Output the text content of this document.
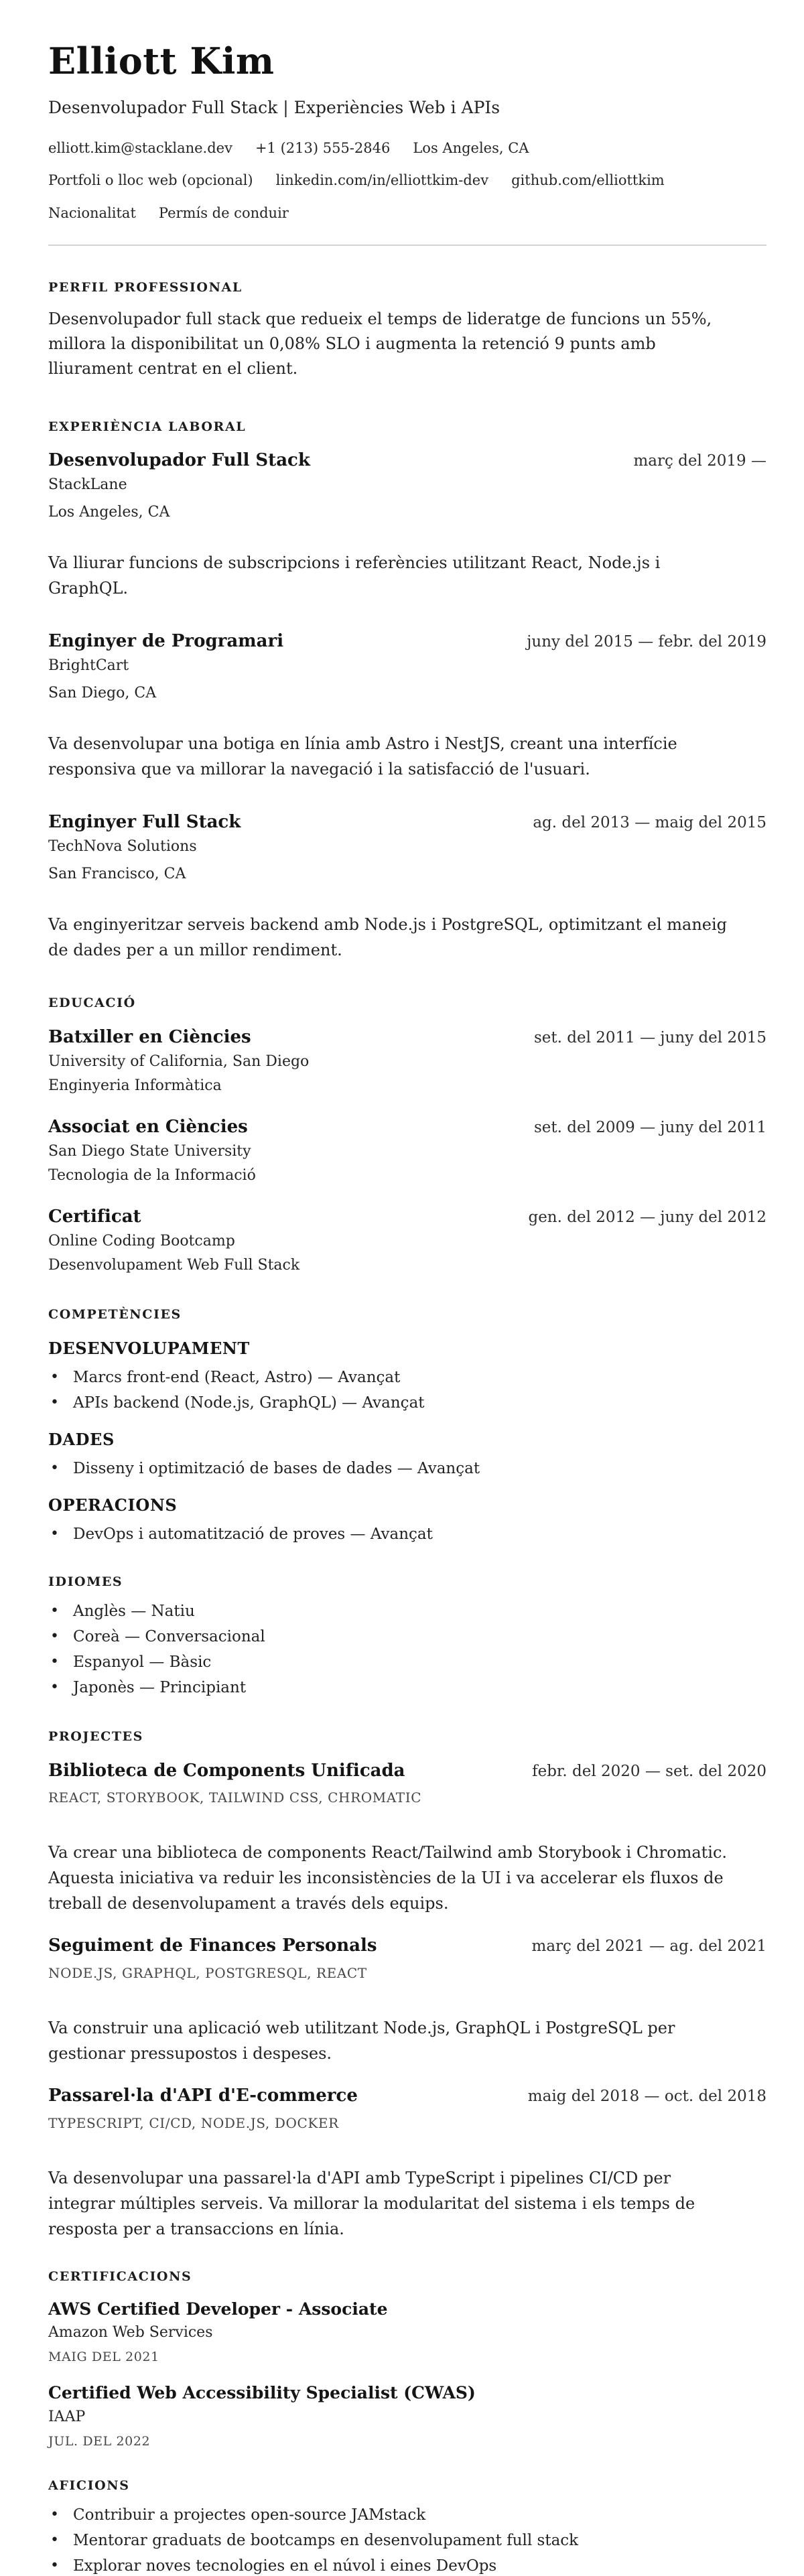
Elliott Kim
Desenvolupador Full Stack | Experiències Web i APIs
elliott.kim@stacklane.dev +1 (213) 555-2846 Los Angeles, CA
Portfoli o lloc web (opcional) linkedin.com/in/elliottkim-dev github.com/elliottkim
Nacionalitat Permís de conduir
PERFIL PROFESSIONAL

Desenvolupador full stack que redueix el temps de lideratge de funcions un 55%, millora la disponibilitat un 0,08% SLO i augmenta la retenció 9 punts amb lliurament centrat en el client.

EXPERIÈNCIA LABORAL
Desenvolupador Full Stack	març del 2019 —
StackLane
Los Angeles, CA

Va lliurar funcions de subscripcions i referències utilitzant React, Node.js i GraphQL.

Enginyer de Programari	juny del 2015 — febr. del 2019
BrightCart
San Diego, CA

Va desenvolupar una botiga en línia amb Astro i NestJS, creant una interfície responsiva que va millorar la navegació i la satisfacció de l'usuari.

Enginyer Full Stack	ag. del 2013 — maig del 2015
TechNova Solutions
San Francisco, CA

Va enginyeritzar serveis backend amb Node.js i PostgreSQL, optimitzant el maneig de dades per a un millor rendiment.

EDUCACIÓ
Batxiller en Ciències	set. del 2011 — juny del 2015
University of California, San Diego
Enginyeria Informàtica
Associat en Ciències	set. del 2009 — juny del 2011
San Diego State University
Tecnologia de la Informació
Certificat	gen. del 2012 — juny del 2012
Online Coding Bootcamp
Desenvolupament Web Full Stack
COMPETÈNCIES
DESENVOLUPAMENT
• Marcs front-end (React, Astro) — Avançat
• APIs backend (Node.js, GraphQL) — Avançat
DADES
• Disseny i optimització de bases de dades — Avançat
OPERACIONS
• DevOps i automatització de proves — Avançat
IDIOMES
• Anglès — Natiu
• Coreà — Conversacional
• Espanyol — Bàsic
• Japonès — Principiant
PROJECTES
Biblioteca de Components Unificada	febr. del 2020 — set. del 2020
REACT, STORYBOOK, TAILWIND CSS, CHROMATIC

Va crear una biblioteca de components React/Tailwind amb Storybook i Chromatic. Aquesta iniciativa va reduir les inconsistències de la UI i va accelerar els fluxos de treball de desenvolupament a través dels equips.

Seguiment de Finances Personals	març del 2021 — ag. del 2021
NODE.JS, GRAPHQL, POSTGRESQL, REACT

Va construir una aplicació web utilitzant Node.js, GraphQL i PostgreSQL per gestionar pressupostos i despeses.

Passarel·la d'API d'E-commerce	maig del 2018 — oct. del 2018
TYPESCRIPT, CI/CD, NODE.JS, DOCKER

Va desenvolupar una passarel·la d'API amb TypeScript i pipelines CI/CD per integrar múltiples serveis. Va millorar la modularitat del sistema i els temps de resposta per a transaccions en línia.

CERTIFICACIONS
AWS Certified Developer - Associate
Amazon Web Services
MAIG DEL 2021
Certified Web Accessibility Specialist (CWAS)
IAAP
JUL. DEL 2022
AFICIONS
• Contribuir a projectes open-source JAMstack
• Mentorar graduats de bootcamps en desenvolupament full stack
• Explorar noves tecnologies en el núvol i eines DevOps
